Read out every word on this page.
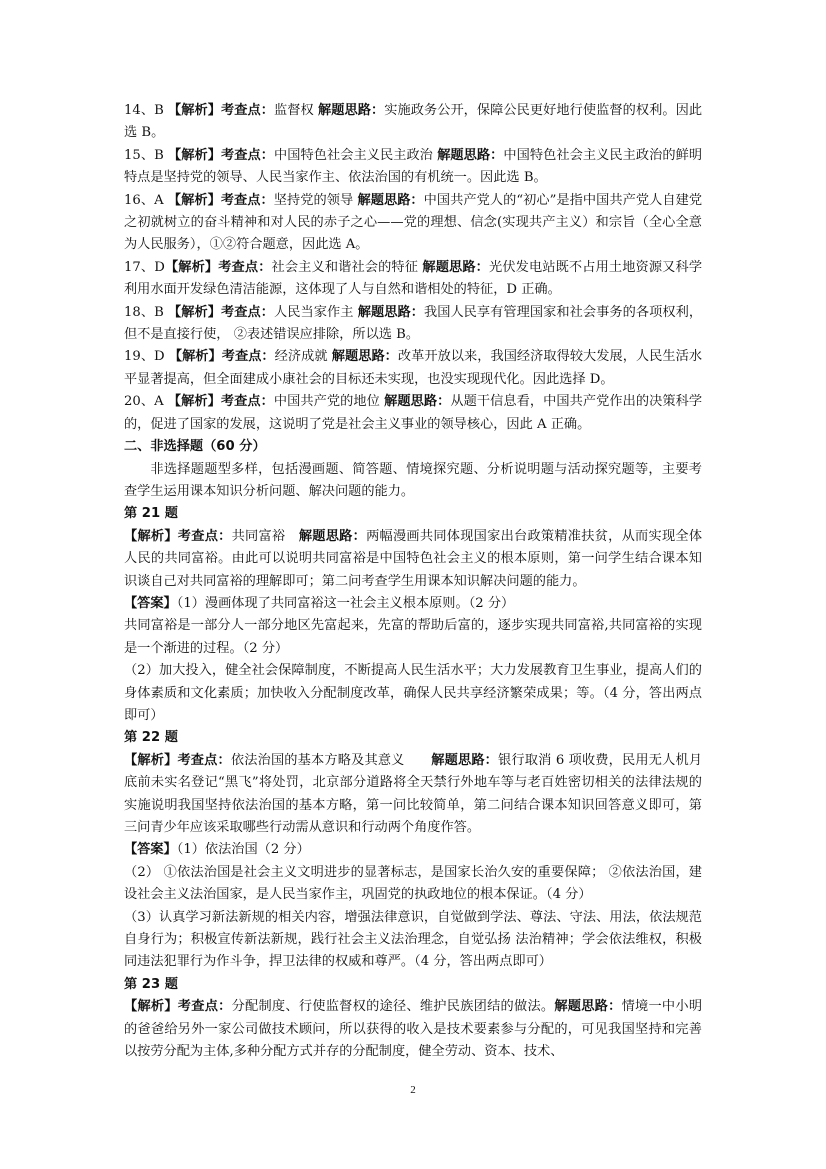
14、B 【解析】考查点：监督权 解题思路：实施政务公开，保障公民更好地行使监督的权利。因此选 B。

15、B 【解析】考查点：中国特色社会主义民主政治 解题思路：中国特色社会主义民主政治的鲜明特点是坚持党的领导、人民当家作主、依法治国的有机统一。因此选 B。

16、A 【解析】考查点：坚持党的领导 解题思路：中国共产党人的“初心”是指中国共产党人自建党之初就树立的奋斗精神和对人民的赤子之心——党的理想、信念(实现共产主义）和宗旨（全心全意为人民服务），①②符合题意，因此选 A。

17、D【解析】考查点：社会主义和谐社会的特征 解题思路：光伏发电站既不占用土地资源又科学利用水面开发绿色清洁能源，这体现了人与自然和谐相处的特征，D 正确。

18、B 【解析】考查点：人民当家作主 解题思路：我国人民享有管理国家和社会事务的各项权利，但不是直接行使， ②表述错误应排除，所以选 B。

19、D 【解析】考查点：经济成就 解题思路：改革开放以来，我国经济取得较大发展，人民生活水平显著提高，但全面建成小康社会的目标还未实现，也没实现现代化。因此选择 D。

20、A 【解析】考查点：中国共产党的地位 解题思路：从题干信息看，中国共产党作出的决策科学的，促进了国家的发展，这说明了党是社会主义事业的领导核心，因此 A 正确。

二、非选择题（60 分）

非选择题题型多样，包括漫画题、简答题、情境探究题、分析说明题与活动探究题等，主要考查学生运用课本知识分析问题、解决问题的能力。

第 21 题

【解析】考查点：共同富裕　解题思路：两幅漫画共同体现国家出台政策精准扶贫，从而实现全体人民的共同富裕。由此可以说明共同富裕是中国特色社会主义的根本原则，第一问学生结合课本知识谈自己对共同富裕的理解即可；第二问考查学生用课本知识解决问题的能力。

【答案】（1）漫画体现了共同富裕这一社会主义根本原则。（2 分）

共同富裕是一部分人一部分地区先富起来，先富的帮助后富的，逐步实现共同富裕,共同富裕的实现是一个渐进的过程。（2 分）

（2）加大投入，健全社会保障制度，不断提高人民生活水平；大力发展教育卫生事业，提高人们的身体素质和文化素质；加快收入分配制度改革，确保人民共享经济繁荣成果；等。（4 分，答出两点即可）

第 22 题

【解析】考查点：依法治国的基本方略及其意义　　解题思路：银行取消 6 项收费，民用无人机月底前未实名登记“黑飞”将处罚，北京部分道路将全天禁行外地车等与老百姓密切相关的法律法规的实施说明我国坚持依法治国的基本方略，第一问比较简单，第二问结合课本知识回答意义即可，第三问青少年应该采取哪些行动需从意识和行动两个角度作答。

【答案】（1）依法治国（2 分）

（2） ①依法治国是社会主义文明进步的显著标志，是国家长治久安的重要保障； ②依法治国，建设社会主义法治国家，是人民当家作主，巩固党的执政地位的根本保证。（4 分）

（3）认真学习新法新规的相关内容，增强法律意识，自觉做到学法、尊法、守法、用法，依法规范自身行为；积极宣传新法新规，践行社会主义法治理念，自觉弘扬 法治精神；学会依法维权，积极同违法犯罪行为作斗争，捍卫法律的权威和尊严。（4 分，答出两点即可）

第 23 题

【解析】考查点：分配制度、行使监督权的途径、维护民族团结的做法。解题思路：情境一中小明的爸爸给另外一家公司做技术顾问，所以获得的收入是技术要素参与分配的，可见我国坚持和完善以按劳分配为主体,多种分配方式并存的分配制度，健全劳动、资本、技术、

2
